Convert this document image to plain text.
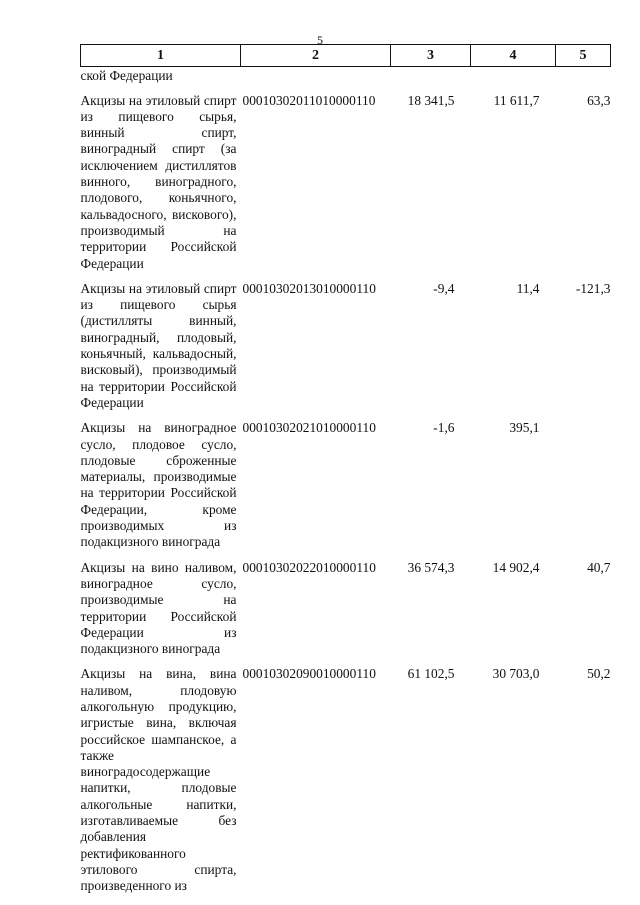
5
1	2	3	4	5
ской Федерации				
Акцизы на этиловый спирт из пищевого сырья, винный спирт, виноградный спирт (за исключением дистиллятов винного, виноградного, плодового, коньячного, кальвадосного, вискового), производимый на территории Российской Федерации	00010302011010000110	18 341,5	11 611,7	63,3
Акцизы на этиловый спирт из пищевого сырья (дистилляты винный, виноградный, плодовый, коньячный, кальвадосный, висковый), производимый на территории Российской Федерации	00010302013010000110	-9,4	11,4	-121,3
Акцизы на виноградное сусло, плодовое сусло, плодовые сброженные материалы, производимые на территории Российской Федерации, кроме производимых из подакцизного винограда	00010302021010000110	-1,6	395,1	
Акцизы на вино наливом, виноградное сусло, производимые на территории Российской Федерации из подакцизного винограда	00010302022010000110	36 574,3	14 902,4	40,7
Акцизы на вина, вина наливом, плодовую алкогольную продукцию, игристые вина, включая российское шампанское, а также виноградосодержащие напитки, плодовые алкогольные напитки, изготавливаемые без добавления ректификованного этилового спирта, произведенного из	00010302090010000110	61 102,5	30 703,0	50,2
